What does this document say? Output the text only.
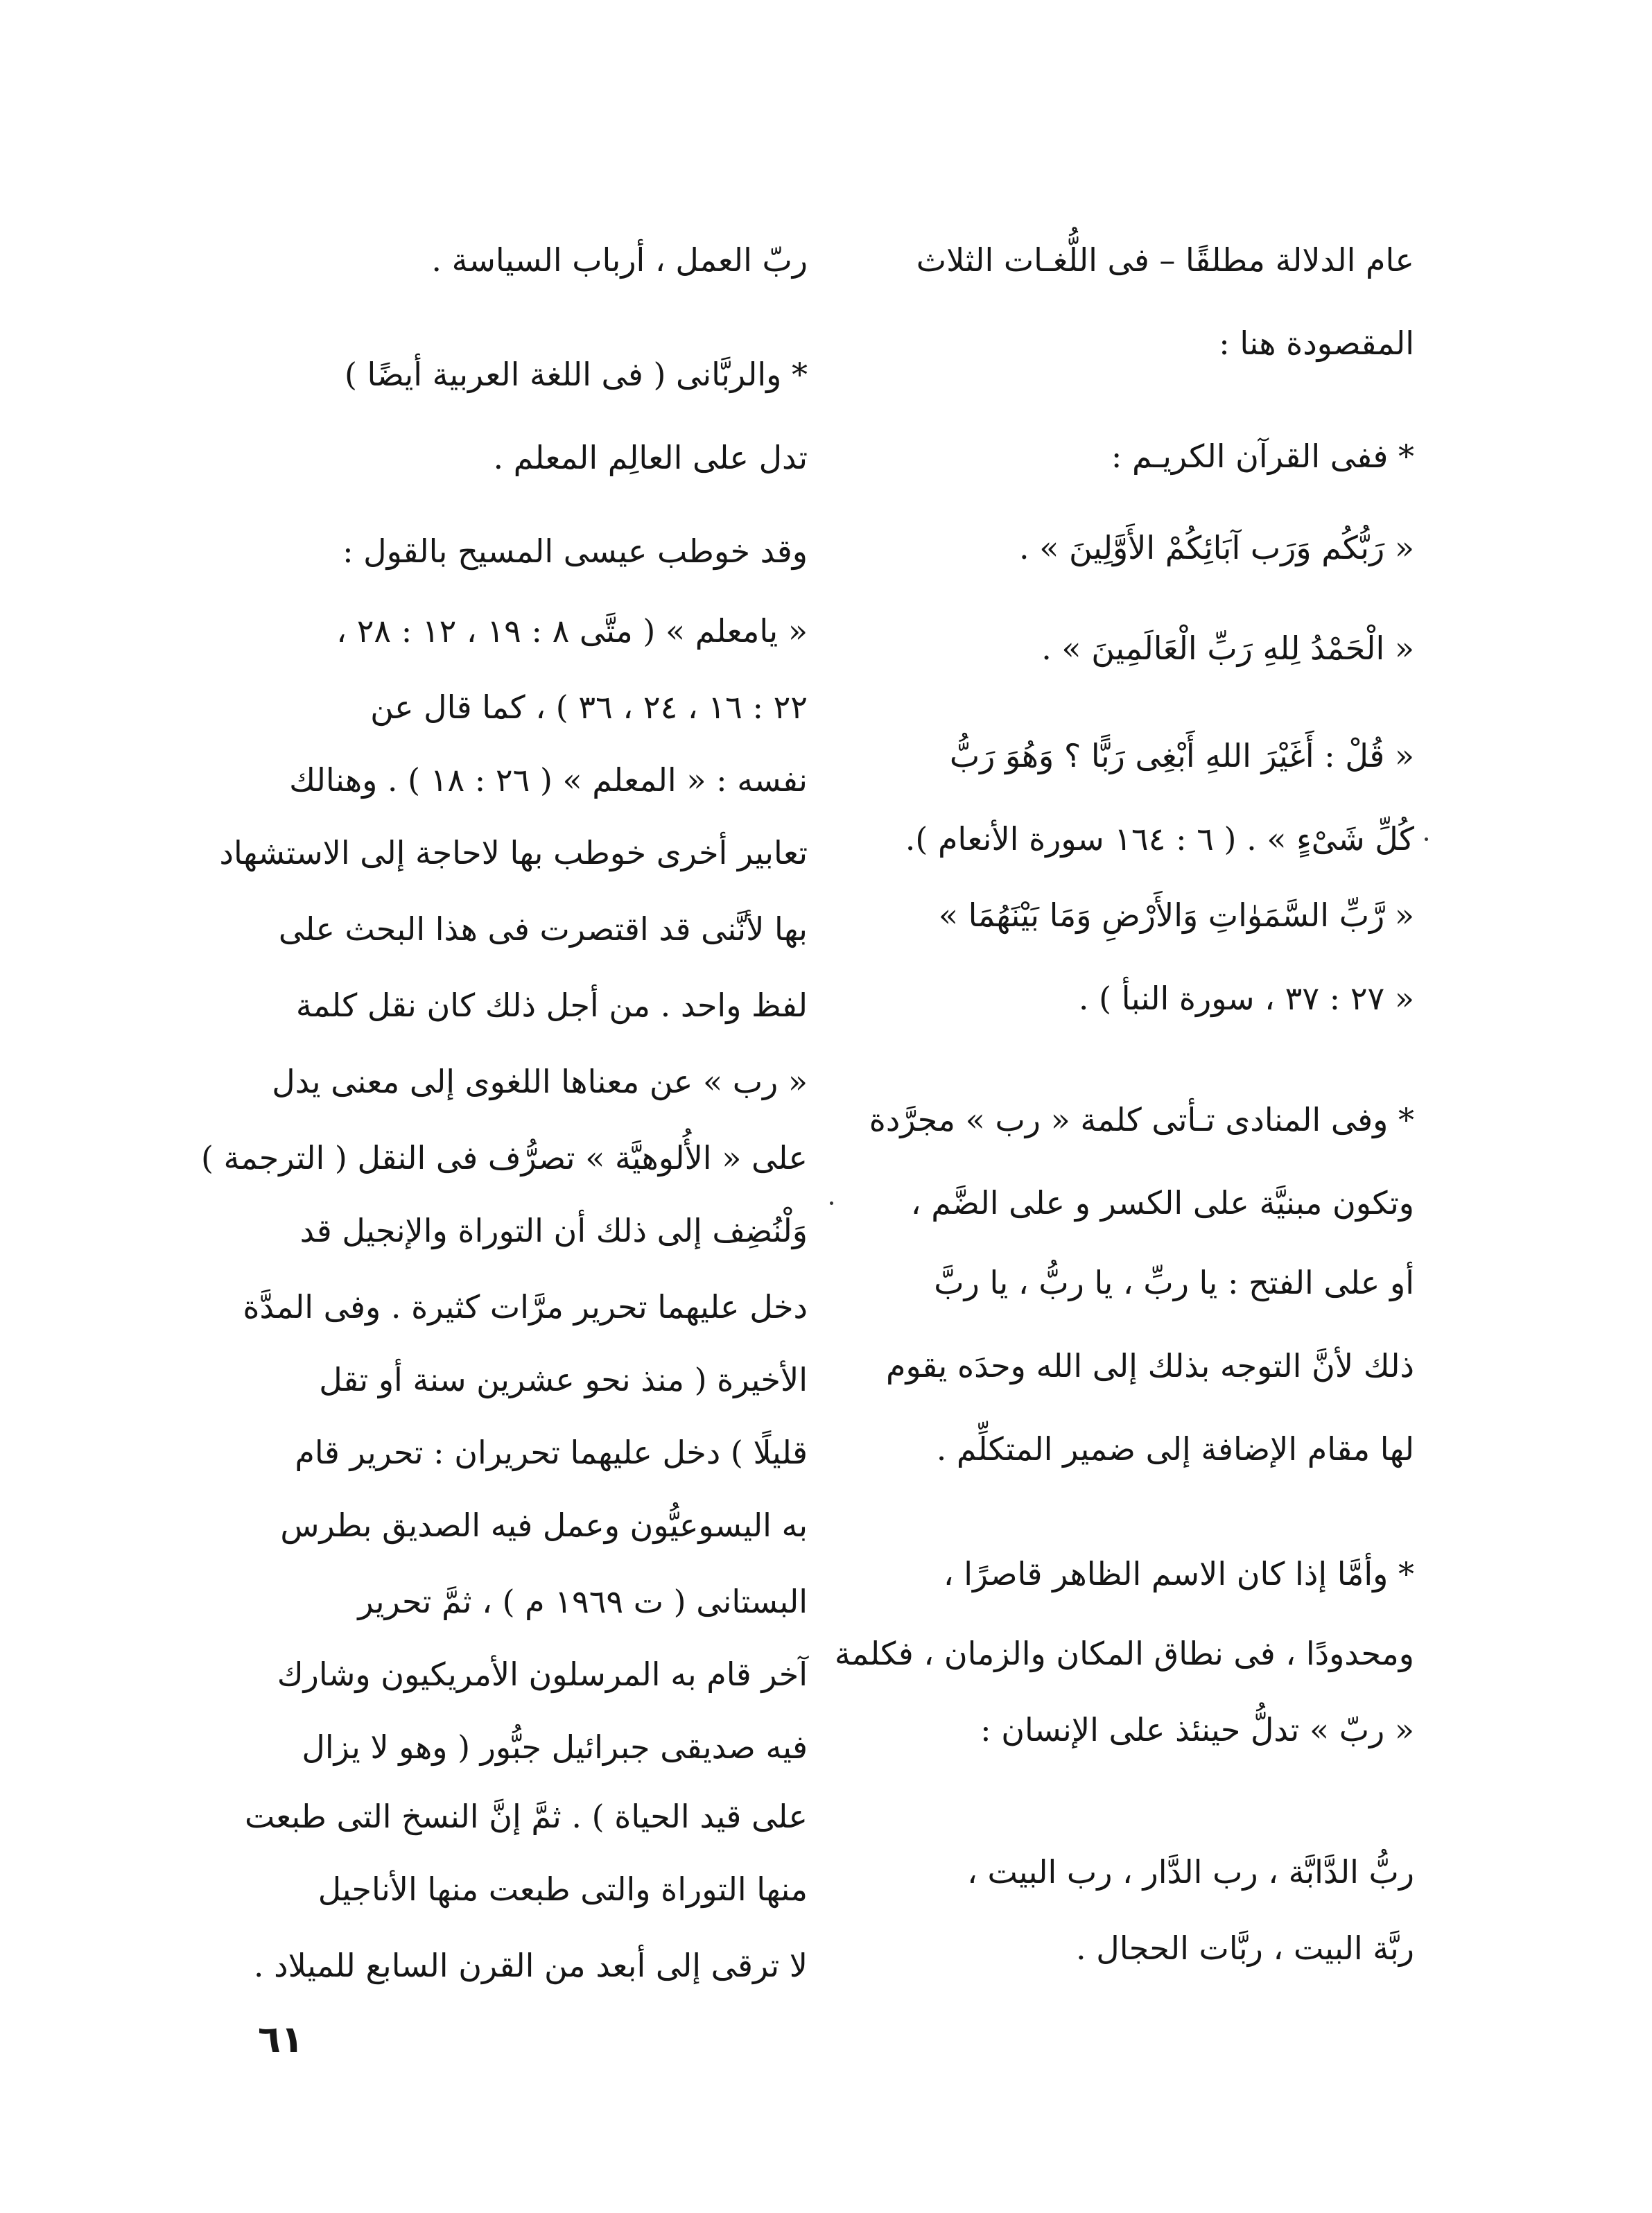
عام الدلالة مطلقًا – فى اللُّغـات الثلاث
المقصودة هنا :
* ففى القرآن الكريـم :
« رَبُّكُم وَرَب آبَائِكُمْ الأَوَّلِينَ » .
« الْحَمْدُ لِلهِ رَبِّ الْعَالَمِينَ » .
« قُلْ : أَغَيْرَ اللهِ أَبْغِى رَبًّا ؟ وَهُوَ رَبُّ
كُلِّ شَىْءٍ » . ( ٦ : ١٦٤ سورة الأنعام ).
« رَّبِّ السَّمَوٰاتِ وَالأَرْضِ وَمَا بَيْنَهُمَا »
« ٢٧ : ٣٧ ، سورة النبأ ) .
* وفى المنادى تـأتى كلمة « رب » مجرَّدة
وتكون مبنيَّة على الكسر و على الضَّم ،
أو على الفتح : يا ربِّ ، يا ربُّ ، يا ربَّ
ذلك لأنَّ التوجه بذلك إلى الله وحدَه يقوم
لها مقام الإضافة إلى ضمير المتكلِّم .
* وأمَّا إذا كان الاسم الظاهر قاصرًا ،
ومحدودًا ، فى نطاق المكان والزمان ، فكلمة
« ربّ » تدلُّ حينئذ على الإنسان :
ربُّ الدَّابَّة ، رب الدَّار ، رب البيت ،
ربَّة البيت ، ربَّات الحجال .
ربّ العمل ، أرباب السياسة .
* والربَّانى ( فى اللغة العربية أيضًا )
تدل على العالِم المعلم .
وقد خوطب عيسى المسيح بالقول :
« يامعلم » ( متَّى ٨ : ١٩ ، ١٢ : ٢٨ ،
٢٢ : ١٦ ، ٢٤ ، ٣٦ ) ، كما قال عن
نفسه : « المعلم » ( ٢٦ : ١٨ ) . وهنالك
تعابير أخرى خوطب بها لاحاجة إلى الاستشهاد
بها لأنَّنى قد اقتصرت فى هذا البحث على
لفظ واحد . من أجل ذلك كان نقل كلمة
« رب » عن معناها اللغوى إلى معنى يدل
على « الأُلوهيَّة » تصرُّف فى النقل ( الترجمة )
وَلْنُضِف إلى ذلك أن التوراة والإنجيل قد
دخل عليهما تحرير مرَّات كثيرة . وفى المدَّة
الأخيرة ( منذ نحو عشرين سنة أو تقل
قليلًا ) دخل عليهما تحريران : تحرير قام
به اليسوعيُّون وعمل فيه الصديق بطرس
البستانى ( ت ١٩٦٩ م ) ، ثمَّ تحرير
آخر قام به المرسلون الأمريكيون وشارك
فيه صديقى جبرائيل جبُّور ( وهو لا يزال
على قيد الحياة ) . ثمَّ إنَّ النسخ التى طبعت
منها التوراة والتى طبعت منها الأناجيل
لا ترقى إلى أبعد من القرن السابع للميلاد .
٦١
